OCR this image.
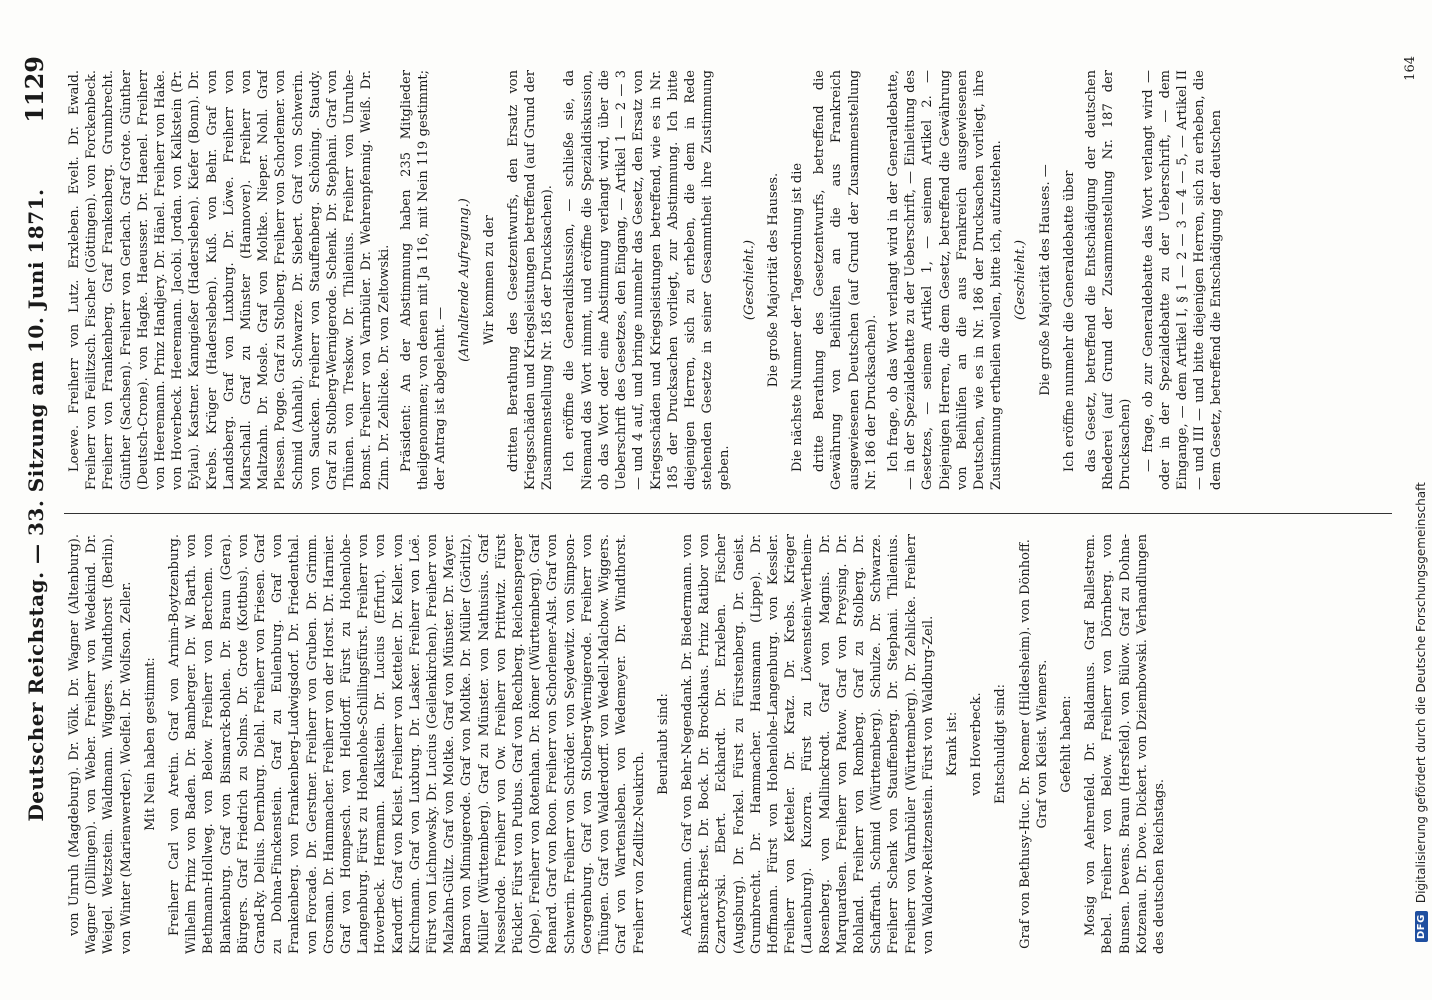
Deutscher Reichstag. — 33. Sitzung am 10. Juni 1871.
1129

von Unruh (Magdeburg). Dr. Völk. Dr. Wagner (Altenburg). Wagner (Dillingen). von Weber. Freiherr von Wedekind. Dr. Weigel. Wetzstein. Waldmann. Wiggers. Windthorst (Berlin). von Winter (Marienwerder). Woelfel. Dr. Wolfson. Zeller. Mit Nein haben gestimmt: Freiherr Carl von Aretin. Graf von Arnim-Boytzenburg. Wilhelm Prinz von Baden. Dr. Bamberger. Dr. W. Barth. von Bethmann-Hollweg. von Below. Freiherr von Berchem. von Blankenburg. Graf von Bismarck-Bohlen. Dr. Braun (Gera). Bürgers. Graf Friedrich zu Solms. Dr. Grote (Kottbus). von Grand-Ry. Delius. Dernburg. Diehl. Freiherr von Friesen. Graf zu Dohna-Finckenstein. Graf zu Eulenburg. Graf von Frankenberg. von Frankenberg-Ludwigsdorf. Dr. Friedenthal. von Forcade. Dr. Gerstner. Freiherr von Gruben. Dr. Grimm. Grosman. Dr. Hammacher. Freiherr von der Horst. Dr. Harnier. Graf von Hompesch. von Helldorff. Fürst zu Hohenlohe-Langenburg. Fürst zu Hohenlohe-Schillingsfürst. Freiherr von Hoverbeck. Hermann. Kalkstein. Dr. Lucius (Erfurt). von Kardorff. Graf von Kleist. Freiherr von Ketteler. Dr. Keller. von Kirchmann. Graf von Luxburg. Dr. Lasker. Freiherr von Loë. Fürst von Lichnowsky. Dr. Lucius (Geilenkirchen). Freiherr von Malzahn-Gültz. Graf von Moltke. Graf von Münster. Dr. Mayer. Baron von Minnigerode. Graf von Moltke. Dr. Müller (Görlitz). Müller (Württemberg). Graf zu Münster. von Nathusius. Graf Nesselrode. Freiherr von Ow. Freiherr von Prittwitz. Fürst Pückler. Fürst von Putbus. Graf von Rechberg. Reichensperger (Olpe). Freiherr von Rotenhan. Dr. Römer (Württemberg). Graf Renard. Graf von Roon. Freiherr von Schorlemer-Alst. Graf von Schwerin. Freiherr von Schröder. von Seydewitz. von Simpson-Georgenburg. Graf von Stolberg-Wernigerode. Freiherr von Thüngen. Graf von Walderdorff. von Wedell-Malchow. Wiggers. Graf von Wartensleben. von Wedemeyer. Dr. Windthorst. Freiherr von Zedlitz-Neukirch.

Beurlaubt sind: Ackermann. Graf von Behr-Negendank. Dr. Biedermann. von Bismarck-Briest. Dr. Bock. Dr. Brockhaus. Prinz Ratibor von Czartoryski. Ebert. Eckhardt. Dr. Erxleben. Fischer (Augsburg). Dr. Forkel. Fürst zu Fürstenberg. Dr. Gneist. Grumbrecht. Dr. Hammacher. Hausmann (Lippe). Dr. Hoffmann. Fürst von Hohenlohe-Langenburg. von Kessler. Freiherr von Ketteler. Dr. Kratz. Dr. Krebs. Krieger (Lauenburg). Kuzorra. Fürst zu Löwenstein-Wertheim-Rosenberg. von Mallinckrodt. Graf von Magnis. Dr. Marquardsen. Freiherr von Patow. Graf von Preysing. Dr. Rohland. Freiherr von Romberg. Graf zu Stolberg. Dr. Schaffrath. Schmid (Württemberg). Schulze. Dr. Schwarze. Freiherr Schenk von Stauffenberg. Dr. Stephani. Thilenius. Freiherr von Varnbüler (Württemberg). Dr. Zehlicke. Freiherr von Waldow-Reitzenstein. Fürst von Waldburg-Zeil. Krank ist: von Hoverbeck. Entschuldigt sind: Graf von Bethusy-Huc. Dr. Roemer (Hildesheim). von Dönhoff. Graf von Kleist. Wiemers. Gefehlt haben: Mosig von Aehrenfeld. Dr. Baldamus. Graf Ballestrem. Bebel. Freiherr von Below. Freiherr von Dörnberg. von Bunsen. Devens. Braun (Hersfeld). von Bülow. Graf zu Dohna-Kotzenau. Dr. Dove. Dickert. von Dziembowski. Verhandlungen des deutschen Reichstags.

Loewe. Freiherr von Lutz. Erxleben. Evelt. Dr. Ewald. Freiherr von Feilitzsch. Fischer (Göttingen). von Forckenbeck. Freiherr von Frankenberg. Graf Frankenberg. Grumbrecht. Günther (Sachsen). Freiherr von Gerlach. Graf Grote. Günther (Deutsch-Crone). von Hagke. Haeusser. Dr. Haenel. Freiherr von Heeremann. Prinz Handjery. Dr. Hänel. Freiherr von Hake. von Hoverbeck. Heeremann. Jacobi. Jordan. von Kalkstein (Pr. Eylau). Kastner. Kanngießer (Hadersleben). Kiefer (Bonn). Dr. Krebs. Krüger (Hadersleben). Kuß. von Behr. Graf von Landsberg. Graf von Luxburg. Dr. Löwe. Freiherr von Marschall. Graf zu Münster (Hannover). Freiherr von Maltzahn. Dr. Mosle. Graf von Moltke. Nieper. Nohl. Graf Plessen. Pogge. Graf zu Stolberg. Freiherr von Schorlemer. von Schmid (Anhalt). Schwarze. Dr. Siebert. Graf von Schwerin. von Saucken. Freiherr von Stauffenberg. Schöning. Staudy. Graf zu Stolberg-Wernigerode. Schenk. Dr. Stephani. Graf von Thünen. von Treskow. Dr. Thilenius. Freiherr von Unruhe-Bomst. Freiherr von Varnbüler. Dr. Wehrenpfennig. Weiß. Dr. Zinn. Dr. Zehlicke. Dr. von Zeltowski. Präsident: An der Abstimmung haben 235 Mitglieder theilgenommen; von denen mit Ja 116, mit Nein 119 gestimmt; der Antrag ist abgelehnt. —

(Anhaltende Aufregung.) Wir kommen zu der dritten Berathung des Gesetzentwurfs, den Ersatz von Kriegsschäden und Kriegsleistungen betreffend (auf Grund der Zusammenstellung Nr. 185 der Drucksachen). Ich eröffne die Generaldiskussion, — schließe sie, da Niemand das Wort nimmt, und eröffne die Spezialdiskussion, ob das Wort oder eine Abstimmung verlangt wird, über die Ueberschrift des Gesetzes, den Eingang, — Artikel 1 — 2 — 3 — und 4 auf, und bringe nunmehr das Gesetz, den Ersatz von Kriegsschäden und Kriegsleistungen betreffend, wie es in Nr. 185 der Drucksachen vorliegt, zur Abstimmung. Ich bitte diejenigen Herren, sich zu erheben, die dem in Rede stehenden Gesetze in seiner Gesammtheit ihre Zustimmung geben.

(Geschieht.) Die große Majorität des Hauses. Die nächste Nummer der Tagesordnung ist die dritte Berathung des Gesetzentwurfs, betreffend die Gewährung von Beihülfen an die aus Frankreich ausgewiesenen Deutschen (auf Grund der Zusammenstellung Nr. 186 der Drucksachen). Ich frage, ob das Wort verlangt wird in der Generaldebatte, — in der Spezialdebatte zu der Ueberschrift, — Einleitung des Gesetzes, — seinem Artikel 1, — seinem Artikel 2. — Diejenigen Herren, die dem Gesetz, betreffend die Gewährung von Beihülfen an die aus Frankreich ausgewiesenen Deutschen, wie es in Nr. 186 der Drucksachen vorliegt, ihre Zustimmung ertheilen wollen, bitte ich, aufzustehen. (Geschieht.) Die große Majorität des Hauses. — Ich eröffne nunmehr die Generaldebatte über das Gesetz, betreffend die Entschädigung der deutschen Rhederei (auf Grund der Zusammenstellung Nr. 187 der Drucksachen) — frage, ob zur Generaldebatte das Wort verlangt wird — oder in der Spezialdebatte zu der Ueberschrift, — dem Eingange, — dem Artikel I, § 1 — 2 — 3 — 4 — 5, — Artikel II — und III — und bitte diejenigen Herren, sich zu erheben, die dem Gesetz, betreffend die Entschädigung der deutschen

164
DFG
Digitalisierung gefördert durch die Deutsche Forschungsgemeinschaft
